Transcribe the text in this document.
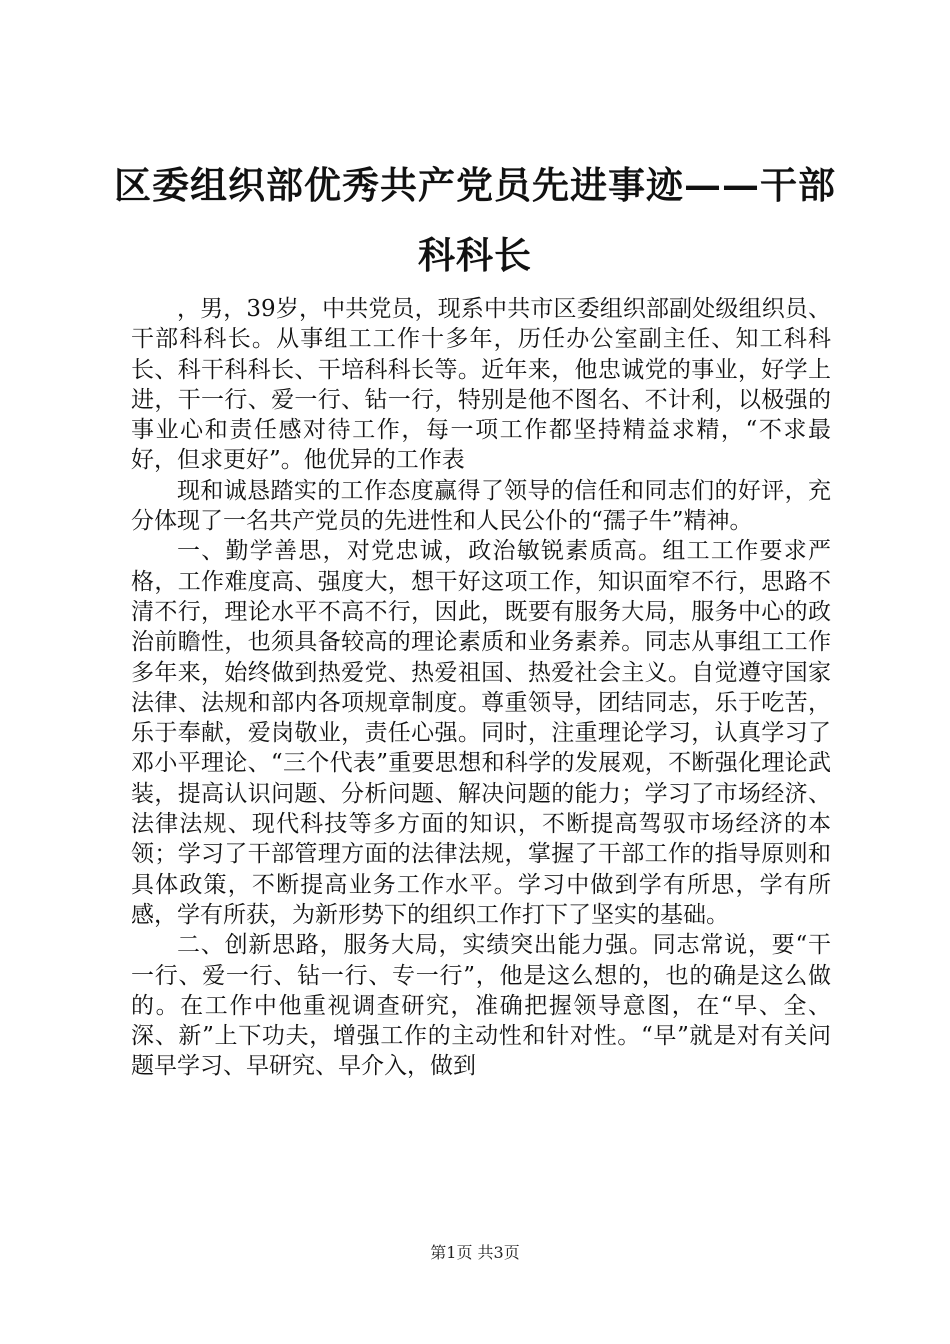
区委组织部优秀共产党员先进事迹——干部科科长

，男，39岁，中共党员，现系中共市区委组织部副处级组织员、干部科科长。从事组工工作十多年，历任办公室副主任、知工科科长、科干科科长、干培科科长等。近年来，他忠诚党的事业，好学上进，干一行、爱一行、钻一行，特别是他不图名、不计利，以极强的事业心和责任感对待工作，每一项工作都坚持精益求精，“不求最好，但求更好”。他优异的工作表

现和诚恳踏实的工作态度赢得了领导的信任和同志们的好评，充分体现了一名共产党员的先进性和人民公仆的“孺子牛”精神。

一、勤学善思，对党忠诚，政治敏锐素质高。组工工作要求严格，工作难度高、强度大，想干好这项工作，知识面窄不行，思路不清不行，理论水平不高不行，因此，既要有服务大局，服务中心的政治前瞻性，也须具备较高的理论素质和业务素养。同志从事组工工作多年来，始终做到热爱党、热爱祖国、热爱社会主义。自觉遵守国家法律、法规和部内各项规章制度。尊重领导，团结同志，乐于吃苦，乐于奉献，爱岗敬业，责任心强。同时，注重理论学习，认真学习了邓小平理论、“三个代表”重要思想和科学的发展观，不断强化理论武装，提高认识问题、分析问题、解决问题的能力；学习了市场经济、法律法规、现代科技等多方面的知识，不断提高驾驭市场经济的本领；学习了干部管理方面的法律法规，掌握了干部工作的指导原则和具体政策，不断提高业务工作水平。学习中做到学有所思，学有所感，学有所获，为新形势下的组织工作打下了坚实的基础。

二、创新思路，服务大局，实绩突出能力强。同志常说，要“干一行、爱一行、钻一行、专一行”，他是这么想的，也的确是这么做的。在工作中他重视调查研究，准确把握领导意图，在“早、全、深、新”上下功夫，增强工作的主动性和针对性。“早”就是对有关问题早学习、早研究、早介入，做到

第1页 共3页
